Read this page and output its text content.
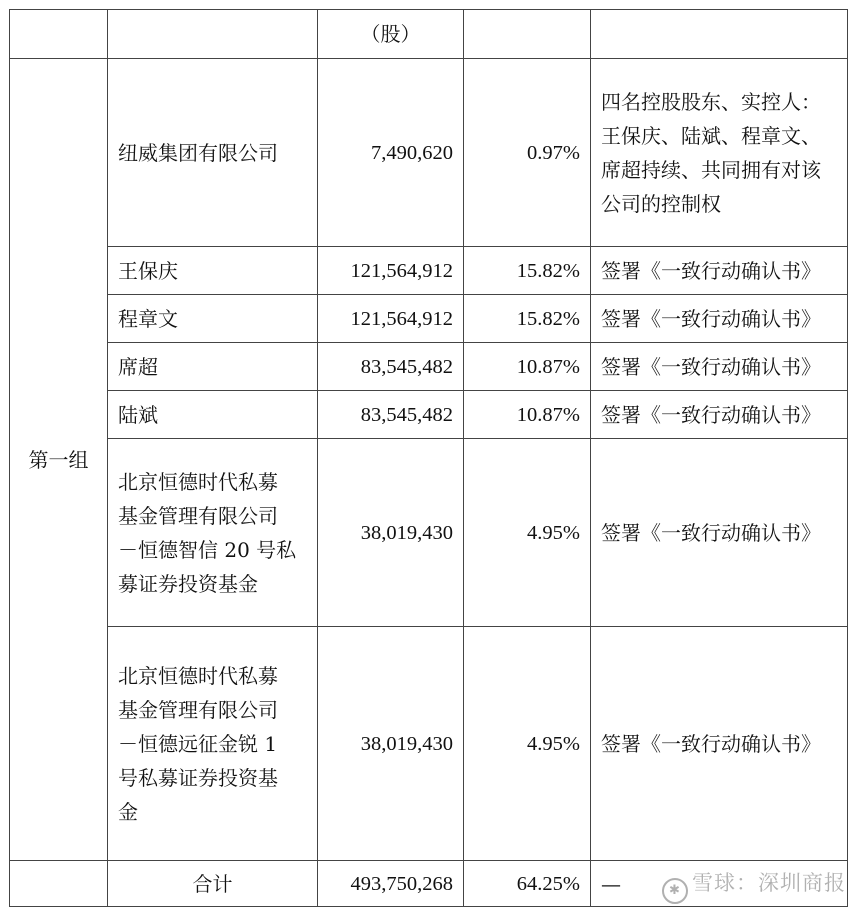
		（股）		
第一组	纽威集团有限公司	7,490,620	0.97%	四名控股股东、实控人：
王保庆、陆斌、程章文、
席超持续、共同拥有对该
公司的控制权

	王保庆	121,564,912	15.82%	签署《一致行动确认书》

	程章文	121,564,912	15.82%	签署《一致行动确认书》

	席超	83,545,482	10.87%	签署《一致行动确认书》

	陆斌	83,545,482	10.87%	签署《一致行动确认书》

	北京恒德时代私募
基金管理有限公司
－恒德智信 20 号私
募证券投资基金	38,019,430	4.95%	签署《一致行动确认书》

	北京恒德时代私募
基金管理有限公司
－恒德远征金锐 1
号私募证券投资基
金	38,019,430	4.95%	签署《一致行动确认书》

	合计	493,750,268	64.25%	—	✱ 雪球：深圳商报
